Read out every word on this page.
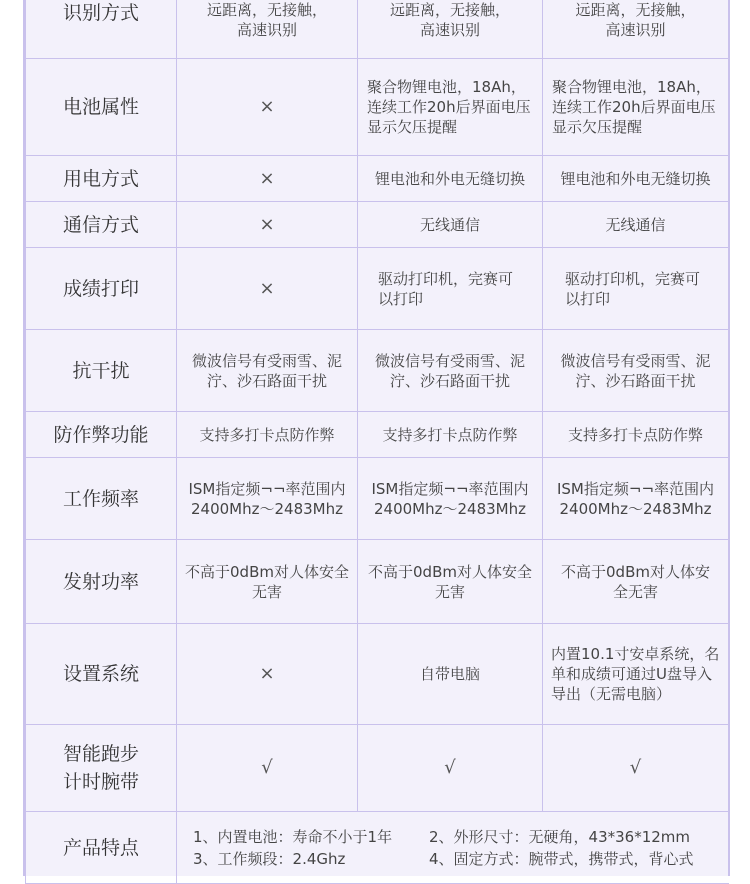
识别方式	远距离，无接触，高速识别	远距离，无接触，高速识别	远距离，无接触，高速识别
电池属性	×	聚合物锂电池，18Ah，连续工作20h后界面电压显示欠压提醒	聚合物锂电池，18Ah，连续工作20h后界面电压显示欠压提醒
用电方式	×	锂电池和外电无缝切换	锂电池和外电无缝切换
通信方式	×	无线通信	无线通信
成绩打印	×	驱动打印机，完赛可以打印	驱动打印机，完赛可以打印
抗干扰	微波信号有受雨雪、泥泞、沙石路面干扰	微波信号有受雨雪、泥泞、沙石路面干扰	微波信号有受雨雪、泥泞、沙石路面干扰
防作弊功能	支持多打卡点防作弊	支持多打卡点防作弊	支持多打卡点防作弊
工作频率	ISM指定频¬¬率范围内2400Mhz～2483Mhz	ISM指定频¬¬率范围内2400Mhz～2483Mhz	ISM指定频¬¬率范围内2400Mhz～2483Mhz
发射功率	不高于0dBm对人体安全无害	不高于0dBm对人体安全无害	不高于0dBm对人体安全无害
设置系统	×	自带电脑	内置10.1寸安卓系统，名单和成绩可通过U盘导入导出（无需电脑）
智能跑步计时腕带	√	√	√
产品特点	1、内置电池：寿命不小于1年 2、外形尺寸：无硬角，43*36*12mm
3、工作频段：2.4Ghz 4、固定方式：腕带式，携带式，背心式		
